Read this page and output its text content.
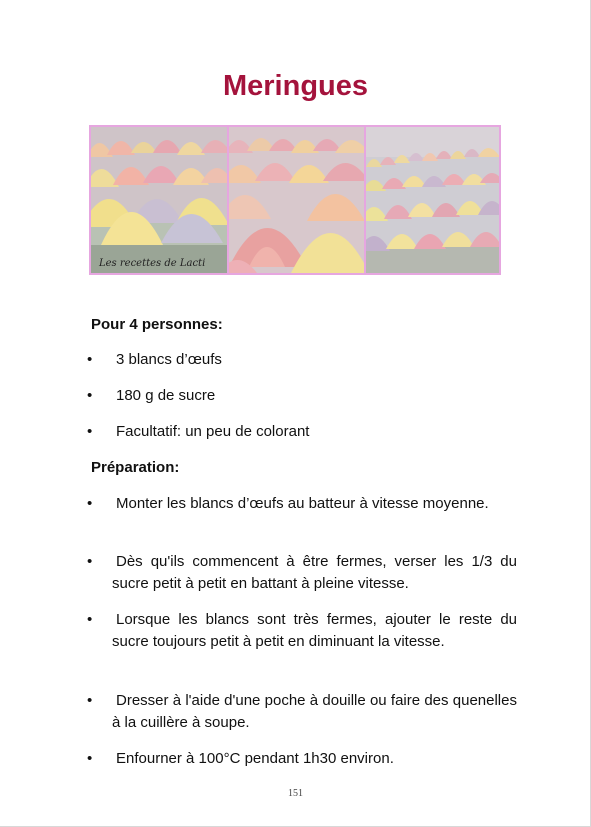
Meringues
Les recettes de Lacti
Pour 4 personnes:
• 3 blancs d’œufs
• 180 g de sucre
• Facultatif: un peu de colorant
Préparation:
• Monter les blancs d’œufs au batteur à vitesse moyenne.
• Dès qu'ils commencent à être fermes, verser les 1/3 du sucre petit à petit en battant à pleine vitesse.
• Lorsque les blancs sont très fermes, ajouter le reste du sucre toujours petit à petit en diminuant la vitesse.
• Dresser à l'aide d'une poche à douille ou faire des quenelles à la cuillère à soupe.
• Enfourner à 100°C pendant 1h30 environ.
151
